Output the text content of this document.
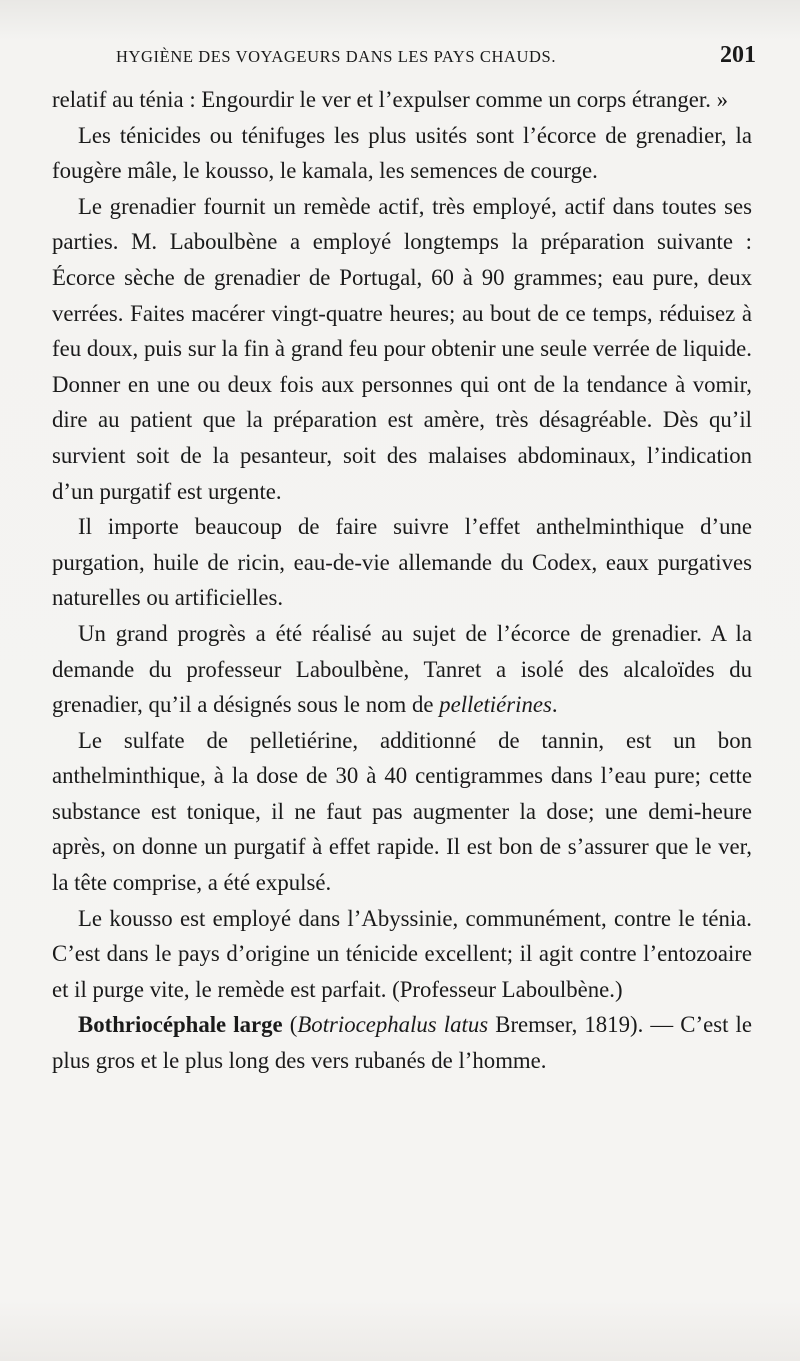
HYGIÈNE DES VOYAGEURS DANS LES PAYS CHAUDS.	201

relatif au ténia : Engourdir le ver et l’expulser comme un corps étranger. »

Les ténicides ou ténifuges les plus usités sont l’écorce de grenadier, la fougère mâle, le kousso, le kamala, les semences de courge.

Le grenadier fournit un remède actif, très employé, actif dans toutes ses parties. M. Laboulbène a employé longtemps la préparation suivante : Écorce sèche de grenadier de Portugal, 60 à 90 grammes; eau pure, deux verrées. Faites macérer vingt-quatre heures; au bout de ce temps, réduisez à feu doux, puis sur la fin à grand feu pour obtenir une seule verrée de liquide. Donner en une ou deux fois aux personnes qui ont de la tendance à vomir, dire au patient que la préparation est amère, très désagréable. Dès qu’il survient soit de la pesanteur, soit des malaises abdominaux, l’indication d’un purgatif est urgente.

Il importe beaucoup de faire suivre l’effet anthelminthique d’une purgation, huile de ricin, eau-de-vie allemande du Codex, eaux purgatives naturelles ou artificielles.

Un grand progrès a été réalisé au sujet de l’écorce de grenadier. A la demande du professeur Laboulbène, Tanret a isolé des alcaloïdes du grenadier, qu’il a désignés sous le nom de pelletiérines.

Le sulfate de pelletiérine, additionné de tannin, est un bon anthelminthique, à la dose de 30 à 40 centigrammes dans l’eau pure; cette substance est tonique, il ne faut pas augmenter la dose; une demi-heure après, on donne un purgatif à effet rapide. Il est bon de s’assurer que le ver, la tête comprise, a été expulsé.

Le kousso est employé dans l’Abyssinie, communément, contre le ténia. C’est dans le pays d’origine un ténicide excellent; il agit contre l’entozoaire et il purge vite, le remède est parfait. (Professeur Laboulbène.)

Bothriocéphale large (Botriocephalus latus Bremser, 1819). — C’est le plus gros et le plus long des vers rubanés de l’homme.
